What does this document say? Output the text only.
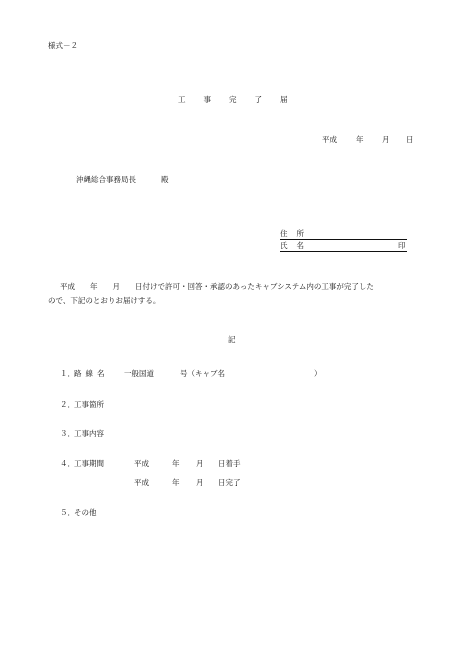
様式－２
工事完了届
平成	年 月 日
沖縄総合事務局長	殿
住所
氏名	印
平成　　年　　月　　日付けで許可・回答・承認のあったキャブシステム内の工事が完了した
ので、下記のとおりお届けする。
記
１． 路線名 一般国道	号（キャブ名	）
２． 工事箇所
３． 工事内容
４． 工事期間	平成	年 月 日着手
平成	年 月 日完了
５． その他
